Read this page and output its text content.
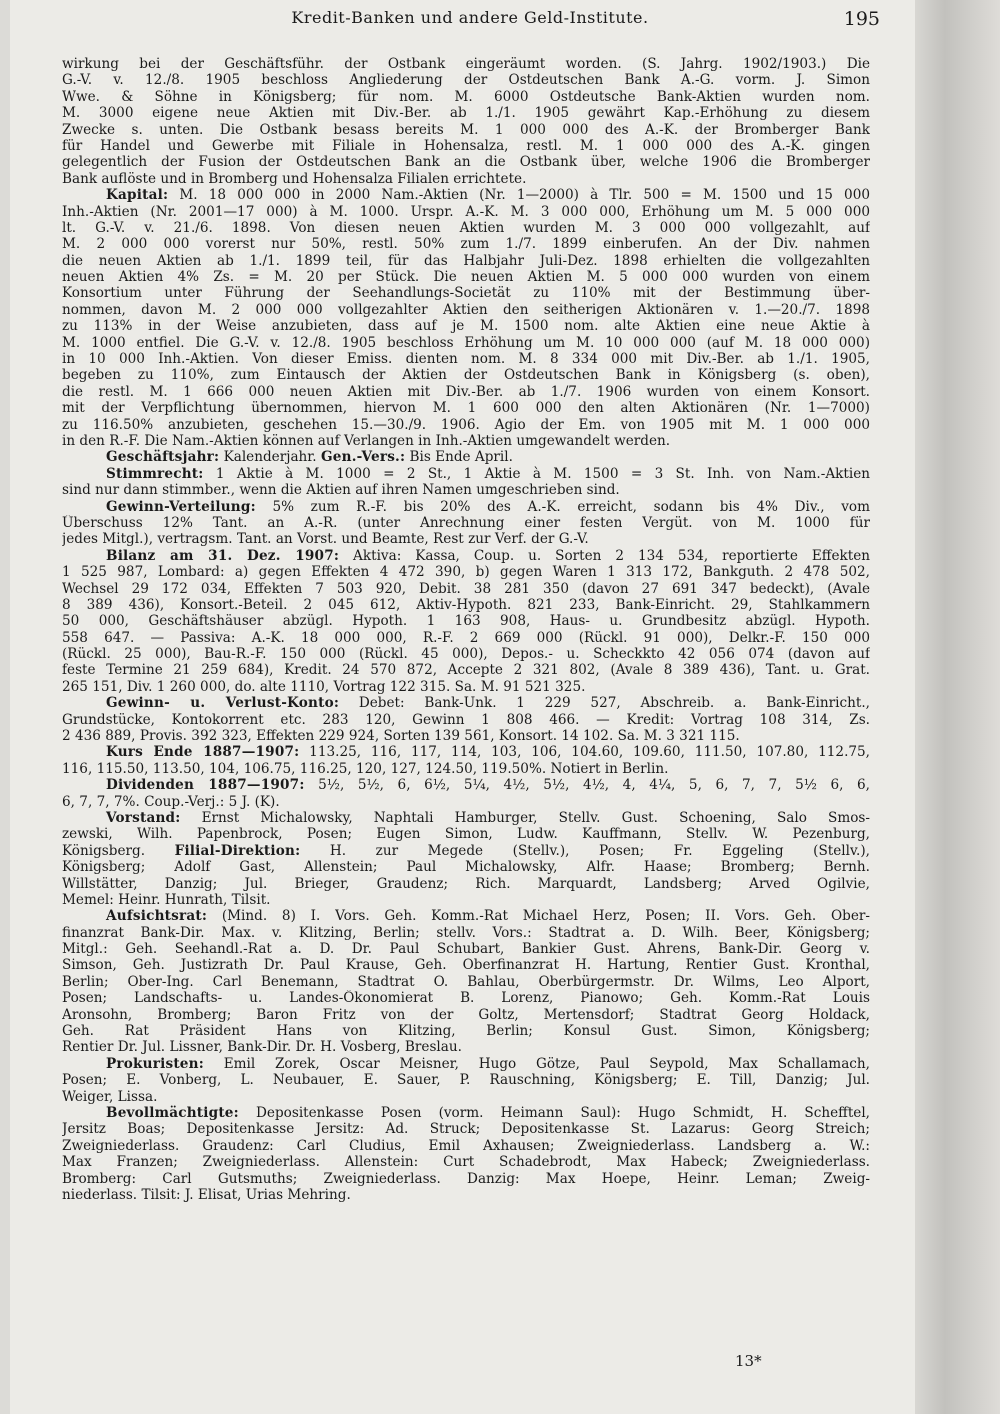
Kredit-Banken und andere Geld-Institute.	195
wirkung bei der Geschäftsführ. der Ostbank eingeräumt worden. (S. Jahrg. 1902/1903.) Die
G.-V. v. 12./8. 1905 beschloss Angliederung der Ostdeutschen Bank A.-G. vorm. J. Simon
Wwe. & Söhne in Königsberg; für nom. M. 6000 Ostdeutsche Bank-Aktien wurden nom.
M. 3000 eigene neue Aktien mit Div.-Ber. ab 1./1. 1905 gewährt Kap.-Erhöhung zu diesem
Zwecke s. unten. Die Ostbank besass bereits M. 1 000 000 des A.-K. der Bromberger Bank
für Handel und Gewerbe mit Filiale in Hohensalza, restl. M. 1 000 000 des A.-K. gingen
gelegentlich der Fusion der Ostdeutschen Bank an die Ostbank über, welche 1906 die Bromberger
Bank auflöste und in Bromberg und Hohensalza Filialen errichtete.
Kapital: M. 18 000 000 in 2000 Nam.-Aktien (Nr. 1—2000) à Tlr. 500 = M. 1500 und 15 000
Inh.-Aktien (Nr. 2001—17 000) à M. 1000. Urspr. A.-K. M. 3 000 000, Erhöhung um M. 5 000 000
lt. G.-V. v. 21./6. 1898. Von diesen neuen Aktien wurden M. 3 000 000 vollgezahlt, auf
M. 2 000 000 vorerst nur 50%, restl. 50% zum 1./7. 1899 einberufen. An der Div. nahmen
die neuen Aktien ab 1./1. 1899 teil, für das Halbjahr Juli-Dez. 1898 erhielten die vollgezahlten
neuen Aktien 4% Zs. = M. 20 per Stück. Die neuen Aktien M. 5 000 000 wurden von einem
Konsortium unter Führung der Seehandlungs-Societät zu 110% mit der Bestimmung über-
nommen, davon M. 2 000 000 vollgezahlter Aktien den seitherigen Aktionären v. 1.—20./7. 1898
zu 113% in der Weise anzubieten, dass auf je M. 1500 nom. alte Aktien eine neue Aktie à
M. 1000 entfiel. Die G.-V. v. 12./8. 1905 beschloss Erhöhung um M. 10 000 000 (auf M. 18 000 000)
in 10 000 Inh.-Aktien. Von dieser Emiss. dienten nom. M. 8 334 000 mit Div.-Ber. ab 1./1. 1905,
begeben zu 110%, zum Eintausch der Aktien der Ostdeutschen Bank in Königsberg (s. oben),
die restl. M. 1 666 000 neuen Aktien mit Div.-Ber. ab 1./7. 1906 wurden von einem Konsort.
mit der Verpflichtung übernommen, hiervon M. 1 600 000 den alten Aktionären (Nr. 1—7000)
zu 116.50% anzubieten, geschehen 15.—30./9. 1906. Agio der Em. von 1905 mit M. 1 000 000
in den R.-F. Die Nam.-Aktien können auf Verlangen in Inh.-Aktien umgewandelt werden.
Geschäftsjahr: Kalenderjahr. Gen.-Vers.: Bis Ende April.
Stimmrecht: 1 Aktie à M. 1000 = 2 St., 1 Aktie à M. 1500 = 3 St. Inh. von Nam.-Aktien
sind nur dann stimmber., wenn die Aktien auf ihren Namen umgeschrieben sind.
Gewinn-Verteilung: 5% zum R.-F. bis 20% des A.-K. erreicht, sodann bis 4% Div., vom
Überschuss 12% Tant. an A.-R. (unter Anrechnung einer festen Vergüt. von M. 1000 für
jedes Mitgl.), vertragsm. Tant. an Vorst. und Beamte, Rest zur Verf. der G.-V.
Bilanz am 31. Dez. 1907: Aktiva: Kassa, Coup. u. Sorten 2 134 534, reportierte Effekten
1 525 987, Lombard: a) gegen Effekten 4 472 390, b) gegen Waren 1 313 172, Bankguth. 2 478 502,
Wechsel 29 172 034, Effekten 7 503 920, Debit. 38 281 350 (davon 27 691 347 bedeckt), (Avale
8 389 436), Konsort.-Beteil. 2 045 612, Aktiv-Hypoth. 821 233, Bank-Einricht. 29, Stahlkammern
50 000, Geschäftshäuser abzügl. Hypoth. 1 163 908, Haus- u. Grundbesitz abzügl. Hypoth.
558 647. — Passiva: A.-K. 18 000 000, R.-F. 2 669 000 (Rückl. 91 000), Delkr.-F. 150 000
(Rückl. 25 000), Bau-R.-F. 150 000 (Rückl. 45 000), Depos.- u. Scheckkto 42 056 074 (davon auf
feste Termine 21 259 684), Kredit. 24 570 872, Accepte 2 321 802, (Avale 8 389 436), Tant. u. Grat.
265 151, Div. 1 260 000, do. alte 1110, Vortrag 122 315. Sa. M. 91 521 325.
Gewinn- u. Verlust-Konto: Debet: Bank-Unk. 1 229 527, Abschreib. a. Bank-Einricht.,
Grundstücke, Kontokorrent etc. 283 120, Gewinn 1 808 466. — Kredit: Vortrag 108 314, Zs.
2 436 889, Provis. 392 323, Effekten 229 924, Sorten 139 561, Konsort. 14 102. Sa. M. 3 321 115.
Kurs Ende 1887—1907: 113.25, 116, 117, 114, 103, 106, 104.60, 109.60, 111.50, 107.80, 112.75,
116, 115.50, 113.50, 104, 106.75, 116.25, 120, 127, 124.50, 119.50%. Notiert in Berlin.
Dividenden 1887—1907: 5½, 5½, 6, 6½, 5¼, 4½, 5½, 4½, 4, 4¼, 5, 6, 7, 7, 5½ 6, 6,
6, 7, 7, 7%. Coup.-Verj.: 5 J. (K).
Vorstand: Ernst Michalowsky, Naphtali Hamburger, Stellv. Gust. Schoening, Salo Smos-
zewski, Wilh. Papenbrock, Posen; Eugen Simon, Ludw. Kauffmann, Stellv. W. Pezenburg,
Königsberg. Filial-Direktion: H. zur Megede (Stellv.), Posen; Fr. Eggeling (Stellv.),
Königsberg; Adolf Gast, Allenstein; Paul Michalowsky, Alfr. Haase; Bromberg; Bernh.
Willstätter, Danzig; Jul. Brieger, Graudenz; Rich. Marquardt, Landsberg; Arved Ogilvie,
Memel: Heinr. Hunrath, Tilsit.
Aufsichtsrat: (Mind. 8) I. Vors. Geh. Komm.-Rat Michael Herz, Posen; II. Vors. Geh. Ober-
finanzrat Bank-Dir. Max. v. Klitzing, Berlin; stellv. Vors.: Stadtrat a. D. Wilh. Beer, Königsberg;
Mitgl.: Geh. Seehandl.-Rat a. D. Dr. Paul Schubart, Bankier Gust. Ahrens, Bank-Dir. Georg v.
Simson, Geh. Justizrath Dr. Paul Krause, Geh. Oberfinanzrat H. Hartung, Rentier Gust. Kronthal,
Berlin; Ober-Ing. Carl Benemann, Stadtrat O. Bahlau, Oberbürgermstr. Dr. Wilms, Leo Alport,
Posen; Landschafts- u. Landes-Ökonomierat B. Lorenz, Pianowo; Geh. Komm.-Rat Louis
Aronsohn, Bromberg; Baron Fritz von der Goltz, Mertensdorf; Stadtrat Georg Holdack,
Geh. Rat Präsident Hans von Klitzing, Berlin; Konsul Gust. Simon, Königsberg;
Rentier Dr. Jul. Lissner, Bank-Dir. Dr. H. Vosberg, Breslau.
Prokuristen: Emil Zorek, Oscar Meisner, Hugo Götze, Paul Seypold, Max Schallamach,
Posen; E. Vonberg, L. Neubauer, E. Sauer, P. Rauschning, Königsberg; E. Till, Danzig; Jul.
Weiger, Lissa.
Bevollmächtigte: Depositenkasse Posen (vorm. Heimann Saul): Hugo Schmidt, H. Schefftel,
Jersitz Boas; Depositenkasse Jersitz: Ad. Struck; Depositenkasse St. Lazarus: Georg Streich;
Zweigniederlass. Graudenz: Carl Cludius, Emil Axhausen; Zweigniederlass. Landsberg a. W.:
Max Franzen; Zweigniederlass. Allenstein: Curt Schadebrodt, Max Habeck; Zweigniederlass.
Bromberg: Carl Gutsmuths; Zweigniederlass. Danzig: Max Hoepe, Heinr. Leman; Zweig-
niederlass. Tilsit: J. Elisat, Urias Mehring.
13*
